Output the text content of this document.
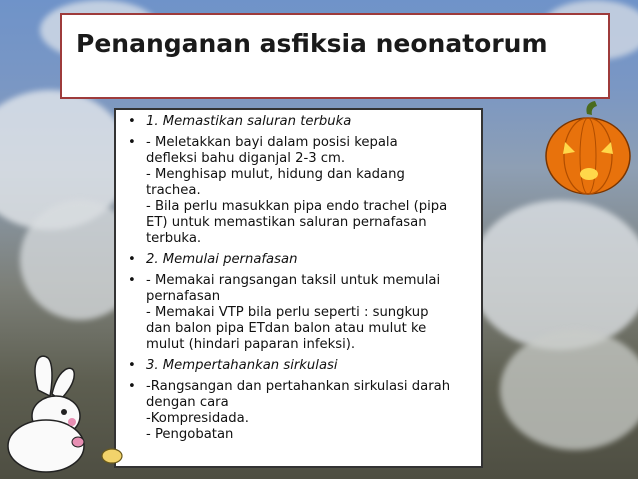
Penanganan asfiksia neonatorum
• 1. Memastikan saluran terbuka
• - Meletakkan bayi dalam posisi kepala
defleksi bahu diganjal 2-3 cm.
- Menghisap mulut, hidung dan kadang
trachea.
- Bila perlu masukkan pipa endo trachel (pipa
ET) untuk memastikan saluran pernafasan
terbuka.
• 2. Memulai pernafasan
• - Memakai rangsangan taksil untuk memulai
pernafasan
- Memakai VTP bila perlu seperti : sungkup
dan balon pipa ETdan balon atau mulut ke
mulut (hindari paparan infeksi).
• 3. Mempertahankan sirkulasi
• -Rangsangan dan pertahankan sirkulasi darah
dengan cara
-Kompresidada.
- Pengobatan
